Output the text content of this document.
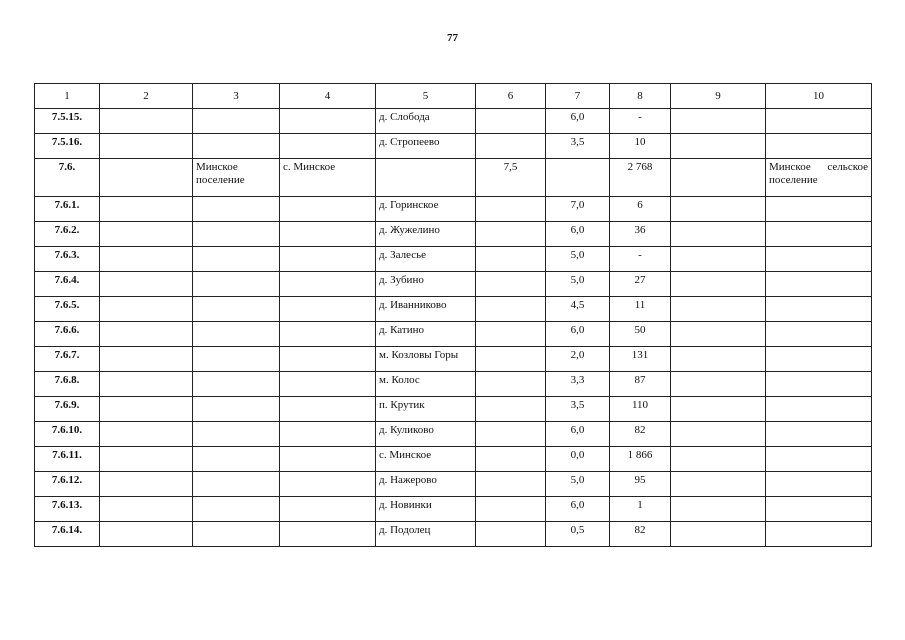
77
1	2	3	4	5	6	7	8	9	10
7.5.15.				д. Слобода		6,0	-		
7.5.16.				д. Стропеево		3,5	10		
7.6.		Минское поселение	с. Минское		7,5		2 768		Минское сельское поселение
7.6.1.				д. Горинское		7,0	6		
7.6.2.				д. Жужелино		6,0	36		
7.6.3.				д. Залесье		5,0	-		
7.6.4.				д. Зубино		5,0	27		
7.6.5.				д. Иванниково		4,5	11		
7.6.6.				д. Катино		6,0	50		
7.6.7.				м. Козловы Горы		2,0	131		
7.6.8.				м. Колос		3,3	87		
7.6.9.				п. Крутик		3,5	110		
7.6.10.				д. Куликово		6,0	82		
7.6.11.				с. Минское		0,0	1 866		
7.6.12.				д. Нажерово		5,0	95		
7.6.13.				д. Новинки		6,0	1		
7.6.14.				д. Подолец		0,5	82		
